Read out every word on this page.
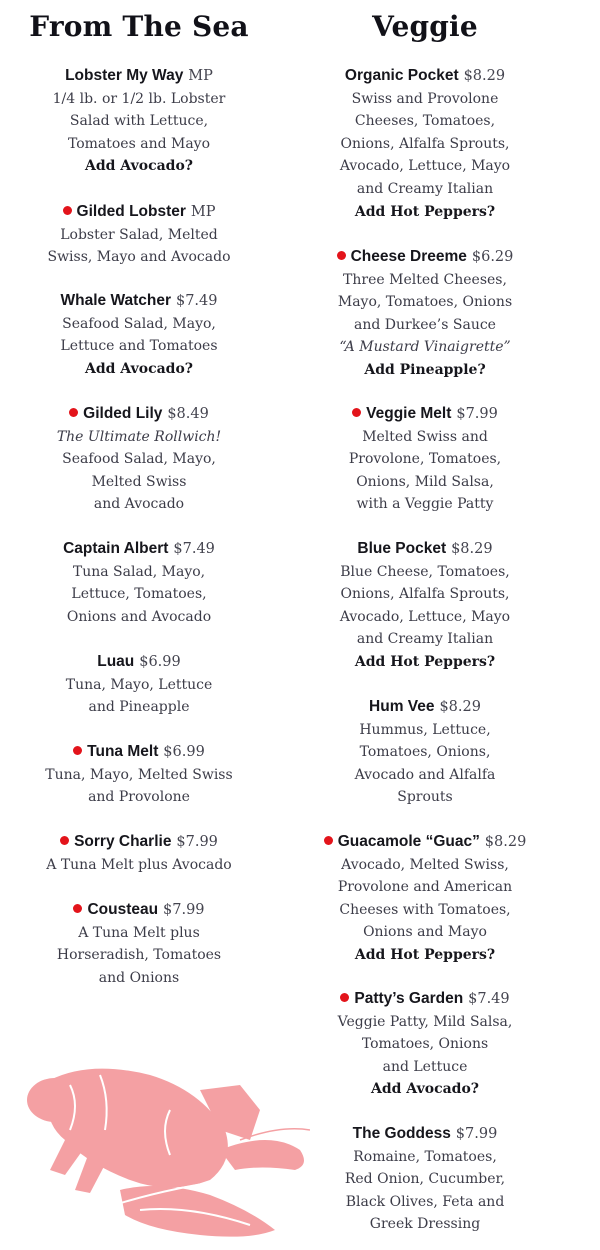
From The Sea
Lobster My Way MP
1/4 lb. or 1/2 lb. Lobster
Salad with Lettuce,
Tomatoes and Mayo
Add Avocado?
Gilded Lobster MP
Lobster Salad, Melted
Swiss, Mayo and Avocado
Whale Watcher $7.49
Seafood Salad, Mayo,
Lettuce and Tomatoes
Add Avocado?
Gilded Lily $8.49
The Ultimate Rollwich!
Seafood Salad, Mayo,
Melted Swiss
and Avocado
Captain Albert $7.49
Tuna Salad, Mayo,
Lettuce, Tomatoes,
Onions and Avocado
Luau $6.99
Tuna, Mayo, Lettuce
and Pineapple
Tuna Melt $6.99
Tuna, Mayo, Melted Swiss
and Provolone
Sorry Charlie $7.99
A Tuna Melt plus Avocado
Cousteau $7.99
A Tuna Melt plus
Horseradish, Tomatoes
and Onions
Veggie
Organic Pocket $8.29
Swiss and Provolone
Cheeses, Tomatoes,
Onions, Alfalfa Sprouts,
Avocado, Lettuce, Mayo
and Creamy Italian
Add Hot Peppers?
Cheese Dreeme $6.29
Three Melted Cheeses,
Mayo, Tomatoes, Onions
and Durkee’s Sauce
“A Mustard Vinaigrette”
Add Pineapple?
Veggie Melt $7.99
Melted Swiss and
Provolone, Tomatoes,
Onions, Mild Salsa,
with a Veggie Patty
Blue Pocket $8.29
Blue Cheese, Tomatoes,
Onions, Alfalfa Sprouts,
Avocado, Lettuce, Mayo
and Creamy Italian
Add Hot Peppers?
Hum Vee $8.29
Hummus, Lettuce,
Tomatoes, Onions,
Avocado and Alfalfa
Sprouts
Guacamole “Guac” $8.29
Avocado, Melted Swiss,
Provolone and American
Cheeses with Tomatoes,
Onions and Mayo
Add Hot Peppers?
Patty’s Garden $7.49
Veggie Patty, Mild Salsa,
Tomatoes, Onions
and Lettuce
Add Avocado?
The Goddess $7.99
Romaine, Tomatoes,
Red Onion, Cucumber,
Black Olives, Feta and
Greek Dressing
